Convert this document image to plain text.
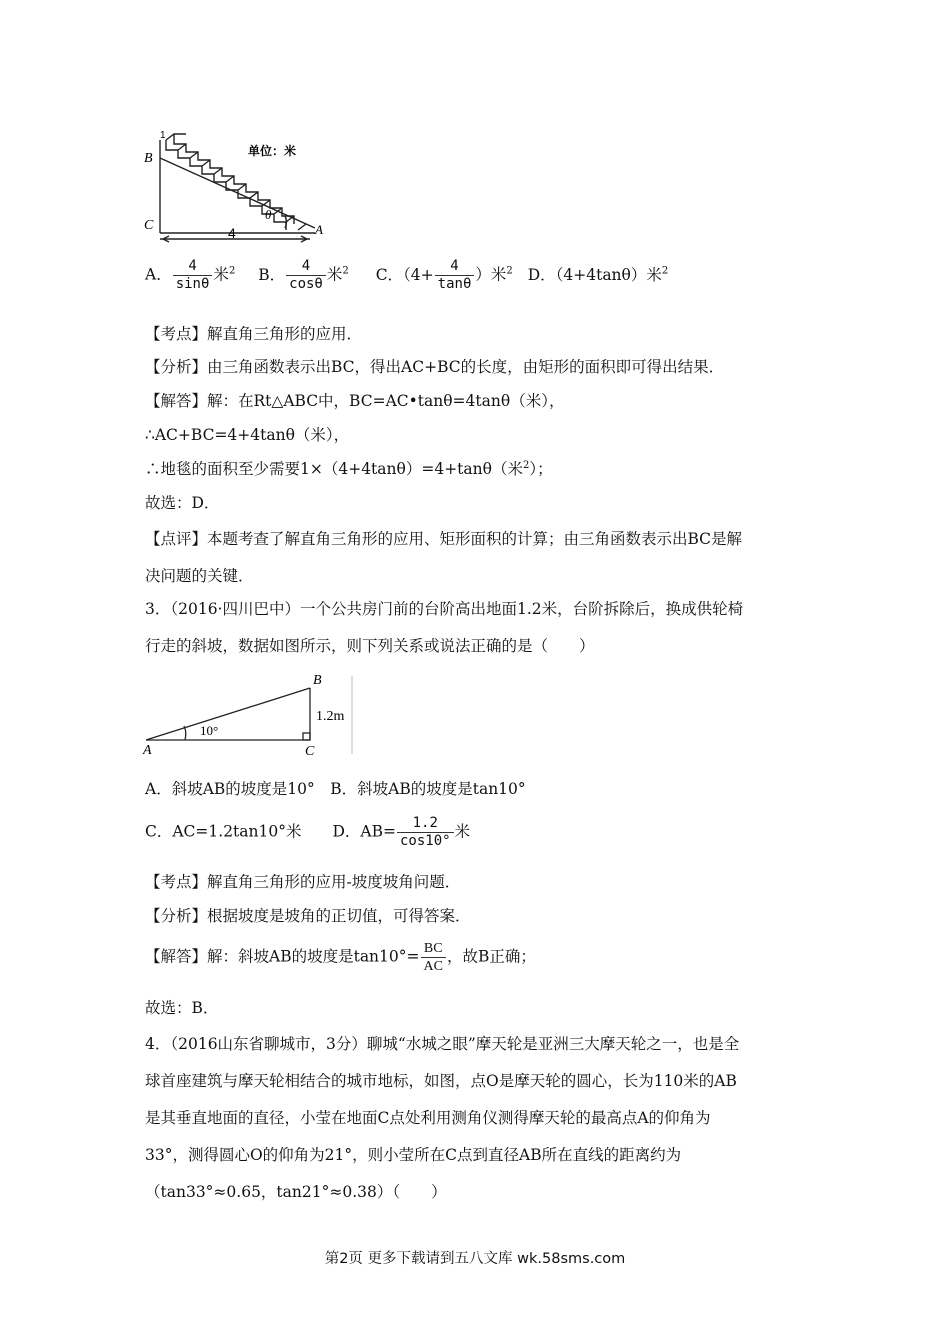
1
B
C	A
4
θ
单位：米
A． $\frac{4}{\sin\theta}$ 米$^2$ B． $\frac{4}{\cos\theta}$ 米$^2$ C．（$4+ \frac{4}{\tan\theta}$ ）米$^2$ D．（4+4tanθ）米$^2$
【考点】解直角三角形的应用．
【分析】由三角函数表示出BC，得出AC+BC的长度，由矩形的面积即可得出结果．
【解答】解：在Rt△ABC中，BC=AC•tanθ=4tanθ（米），
∴AC+BC=4+4tanθ（米），
∴地毯的面积至少需要1×（4+4tanθ）=4+tanθ（米$^2$）；
故选：D．
【点评】本题考查了解直角三角形的应用、矩形面积的计算；由三角函数表示出BC是解
决问题的关键．
3．（2016·四川巴中）一个公共房门前的台阶高出地面1.2米，台阶拆除后，换成供轮椅
行走的斜坡，数据如图所示，则下列关系或说法正确的是（　　）
B
A	C
10°
1.2m
A．斜坡AB的坡度是10°　B．斜坡AB的坡度是tan10°
C．AC=1.2tan10°米　　D．$AB= \frac{1.2}{\cos 10^\circ}$ 米
【考点】解直角三角形的应用-坡度坡角问题．
【分析】根据坡度是坡角的正切值，可得答案．
【解答】解：斜坡AB的坡度是$\tan 10^\circ= \frac{BC}{AC}$ ，故B正确；
故选：B．
4．（2016山东省聊城市，3分）聊城“水城之眼”摩天轮是亚洲三大摩天轮之一，也是全
球首座建筑与摩天轮相结合的城市地标，如图，点O是摩天轮的圆心，长为110米的AB
是其垂直地面的直径，小莹在地面C点处利用测角仪测得摩天轮的最高点A的仰角为
33°，测得圆心O的仰角为21°，则小莹所在C点到直径AB所在直线的距离约为
（tan33°≈0.65，tan21°≈0.38）（　　）
第2页 更多下载请到五八文库 wk.58sms.com
